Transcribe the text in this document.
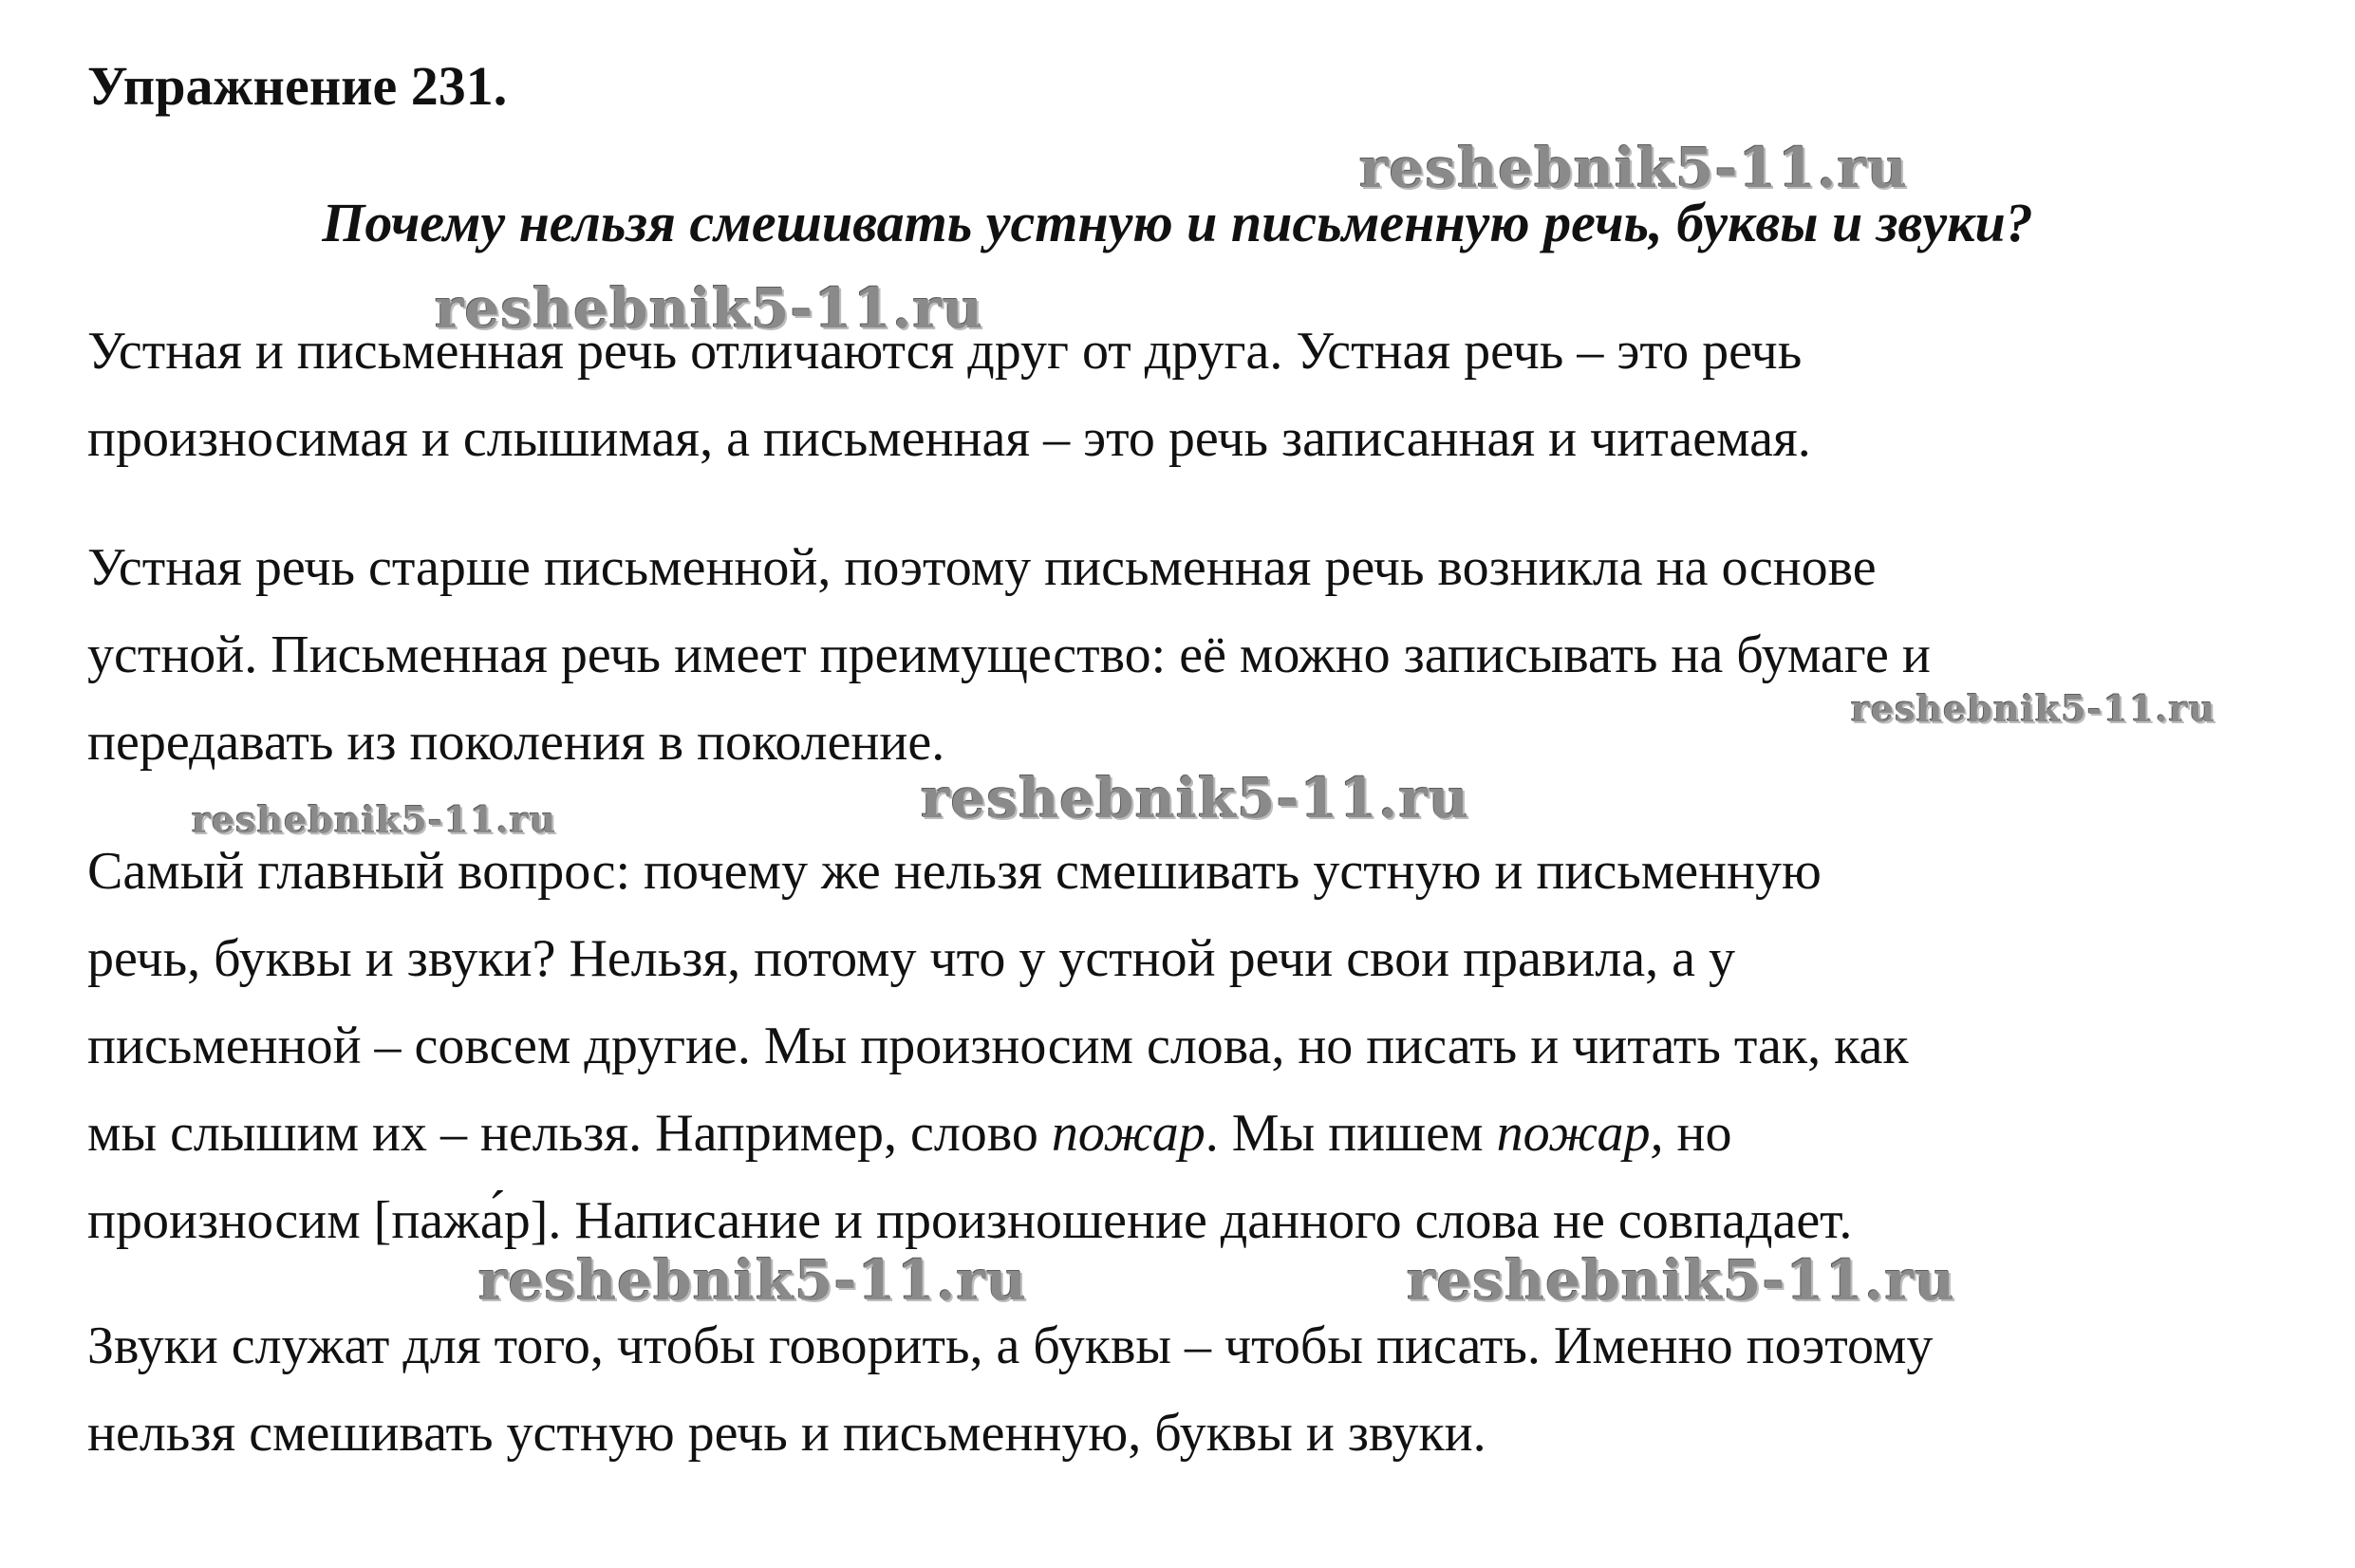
Упражнение 231.
Почему нельзя смешивать устную и письменную речь, буквы и звуки?
Устная и письменная речь отличаются друг от друга. Устная речь – это речь
произносимая и слышимая, а письменная – это речь записанная и читаемая.
Устная речь старше письменной, поэтому письменная речь возникла на основе
устной. Письменная речь имеет преимущество: её можно записывать на бумаге и
передавать из поколения в поколение.
Самый главный вопрос: почему же нельзя смешивать устную и письменную
речь, буквы и звуки? Нельзя, потому что у устной речи свои правила, а у
письменной – совсем другие. Мы произносим слова, но писать и читать так, как
мы слышим их – нельзя. Например, слово пожар. Мы пишем пожар, но
произносим [пажа́р]. Написание и произношение данного слова не совпадает.
Звуки служат для того, чтобы говорить, а буквы – чтобы писать. Именно поэтому
нельзя смешивать устную речь и письменную, буквы и звуки.
reshebnik5-11.ru
reshebnik5-11.ru
reshebnik5-11.ru
reshebnik5-11.ru
reshebnik5-11.ru
reshebnik5-11.ru	reshebnik5-11.ru
